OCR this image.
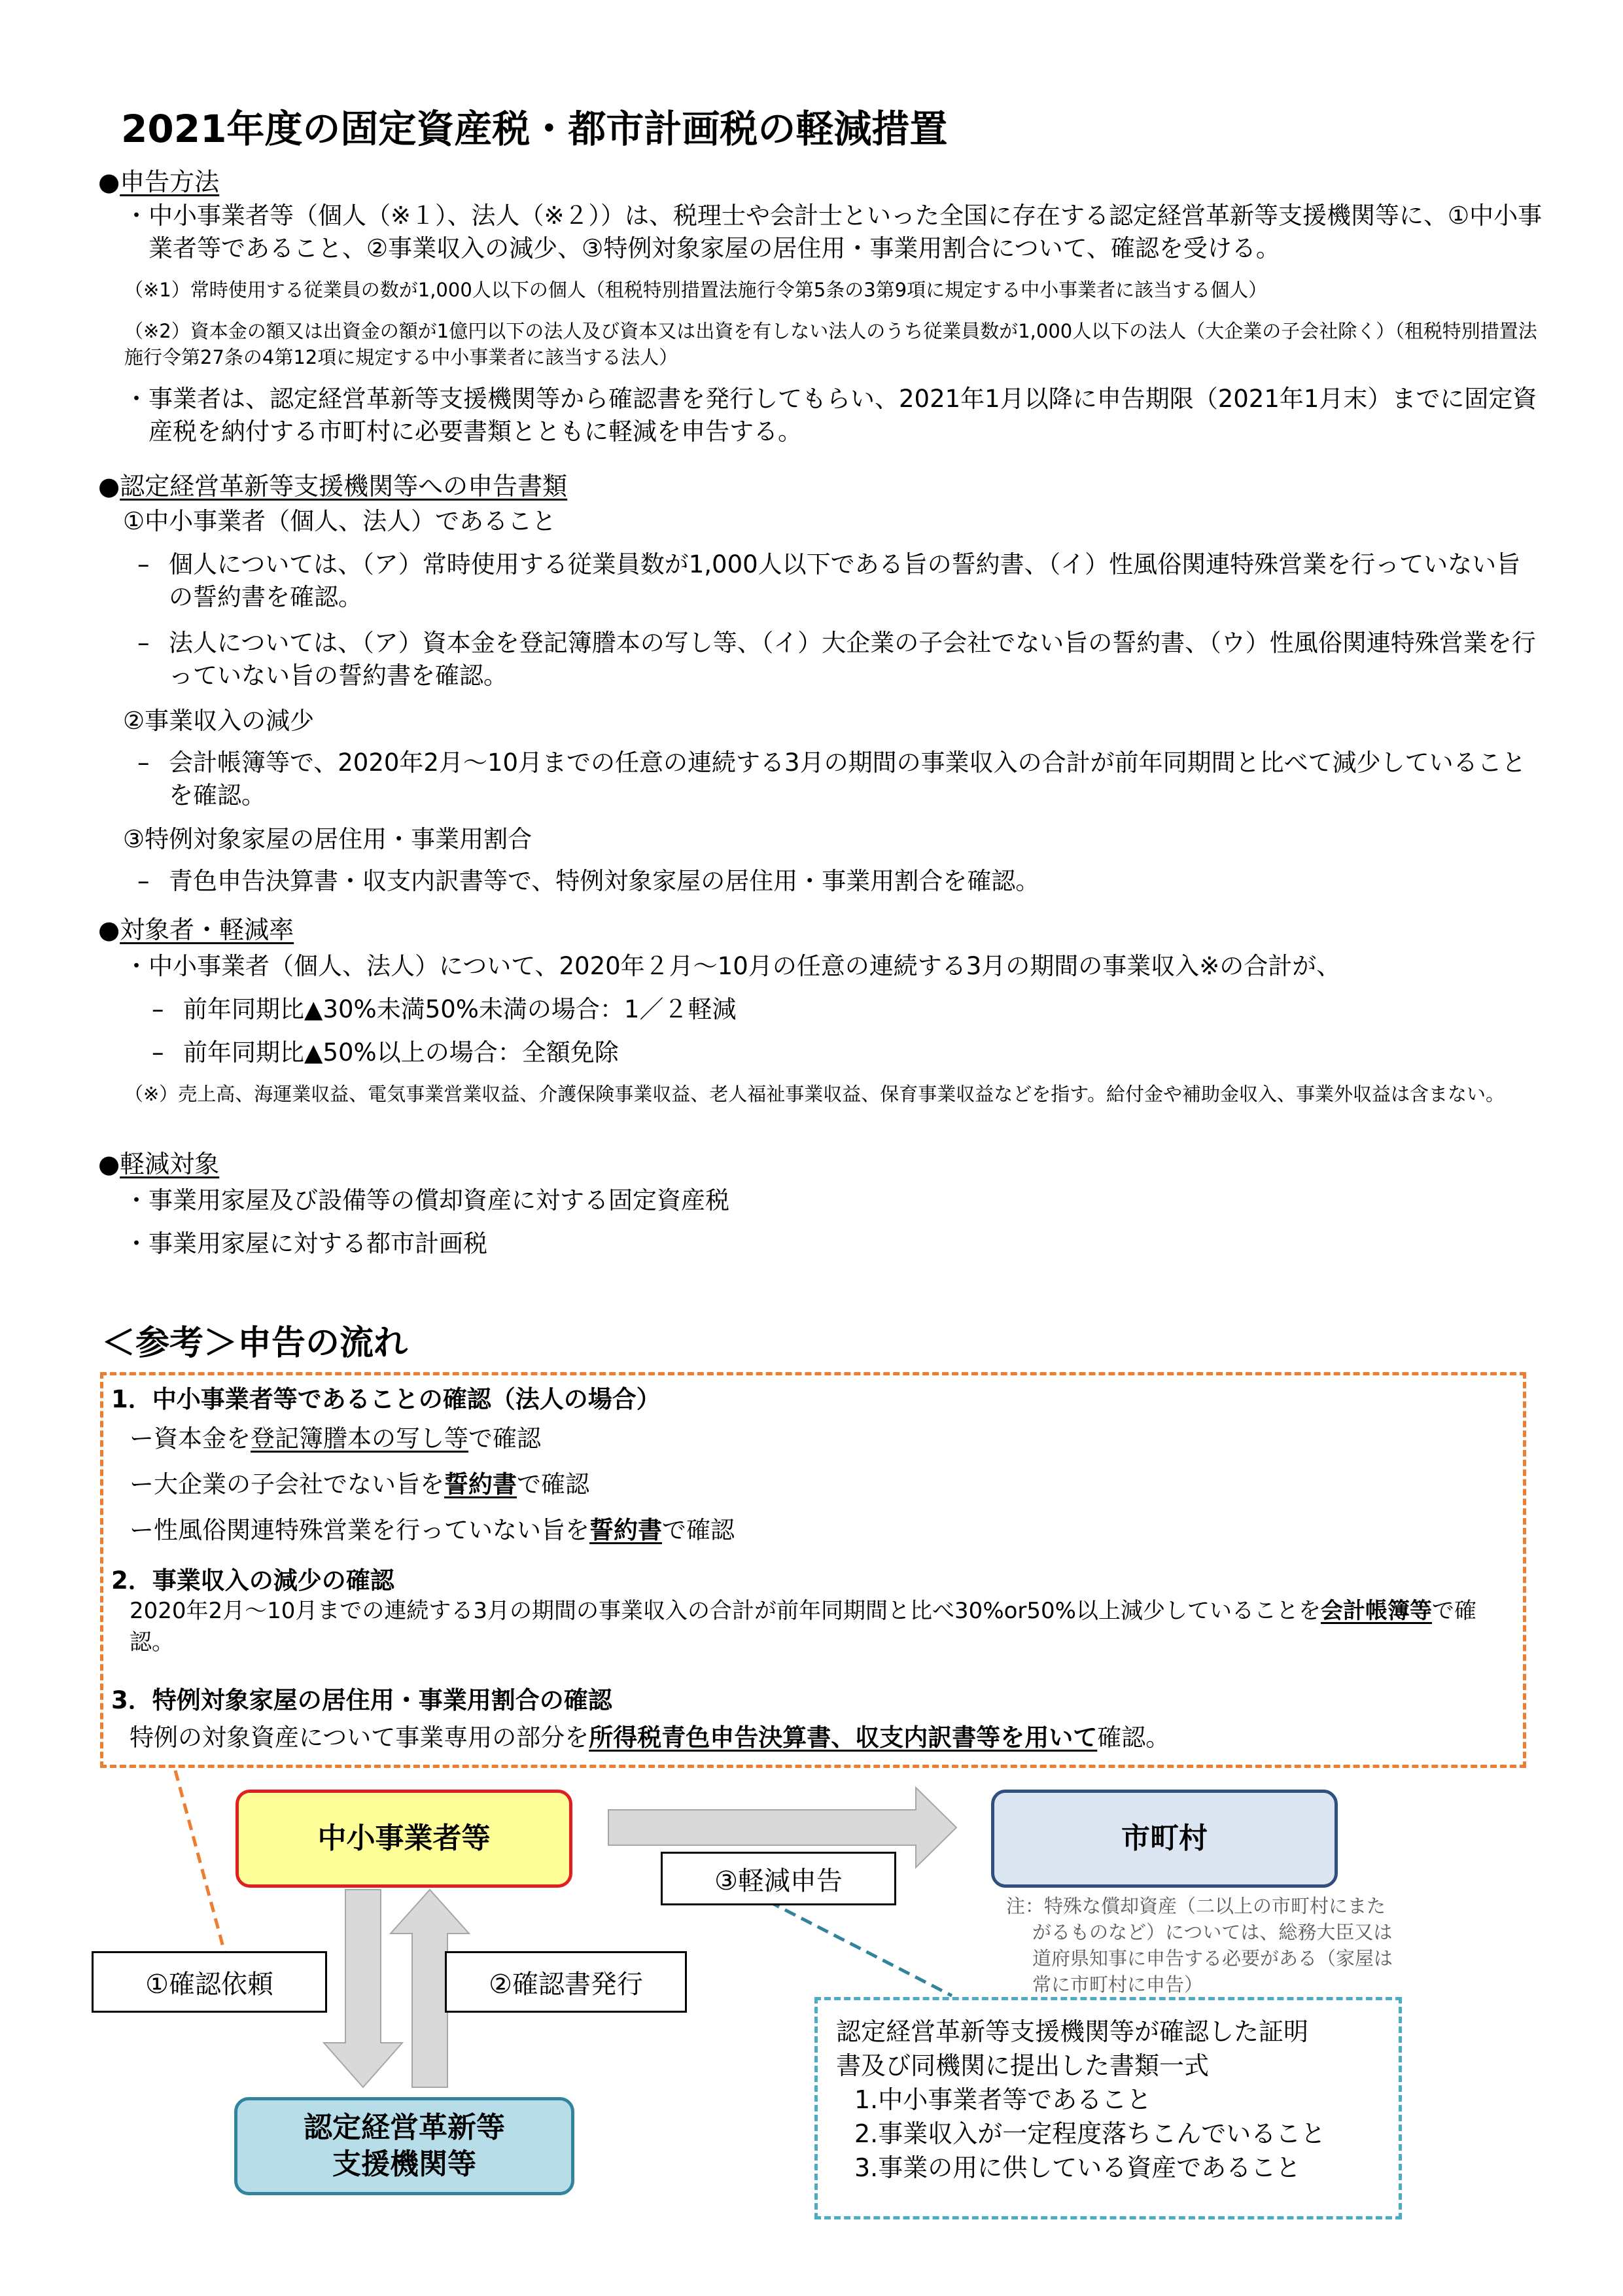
2021年度の固定資産税・都市計画税の軽減措置
●申告方法
・ 中小事業者等（個人（※１）、法人（※２））は、税理士や会計士といった全国に存在する認定経営革新等支援機関等に、①中小事業者等であること、②事業収入の減少、③特例対象家屋の居住用・事業用割合について、確認を受ける。
（※1）常時使用する従業員の数が1,000人以下の個人（租税特別措置法施行令第5条の3第9項に規定する中小事業者に該当する個人）
（※2）資本金の額又は出資金の額が1億円以下の法人及び資本又は出資を有しない法人のうち従業員数が1,000人以下の法人（大企業の子会社除く）（租税特別措置法施行令第27条の4第12項に規定する中小事業者に該当する法人）
・ 事業者は、認定経営革新等支援機関等から確認書を発行してもらい、2021年1月以降に申告期限（2021年1月末）までに固定資産税を納付する市町村に必要書類とともに軽減を申告する。
●認定経営革新等支援機関等への申告書類
①中小事業者（個人、法人）であること
– 個人については、（ア）常時使用する従業員数が1,000人以下である旨の誓約書、（イ）性風俗関連特殊営業を行っていない旨の誓約書を確認。
– 法人については、（ア）資本金を登記簿謄本の写し等、（イ）大企業の子会社でない旨の誓約書、（ウ）性風俗関連特殊営業を行っていない旨の誓約書を確認。
②事業収入の減少
– 会計帳簿等で、2020年2月～10月までの任意の連続する3月の期間の事業収入の合計が前年同期間と比べて減少していることを確認。
③特例対象家屋の居住用・事業用割合
– 青色申告決算書・収支内訳書等で、特例対象家屋の居住用・事業用割合を確認。
●対象者・軽減率
・ 中小事業者（個人、法人）について、2020年２月～10月の任意の連続する3月の期間の事業収入※の合計が、
– 前年同期比▲30%未満50%未満の場合：1／２軽減
– 前年同期比▲50%以上の場合：全額免除
（※）売上高、海運業収益、電気事業営業収益、介護保険事業収益、老人福祉事業収益、保育事業収益などを指す。給付金や補助金収入、事業外収益は含まない。
●軽減対象
・ 事業用家屋及び設備等の償却資産に対する固定資産税
・ 事業用家屋に対する都市計画税
＜参考＞申告の流れ
1．中小事業者等であることの確認（法人の場合）
ー資本金を登記簿謄本の写し等で確認
ー大企業の子会社でない旨を誓約書で確認
ー性風俗関連特殊営業を行っていない旨を誓約書で確認
2．事業収入の減少の確認
2020年2月～10月までの連続する3月の期間の事業収入の合計が前年同期間と比べ30%or50%以上減少していることを会計帳簿等で確認。
3．特例対象家屋の居住用・事業用割合の確認
特例の対象資産について事業専用の部分を所得税青色申告決算書、収支内訳書等を用いて確認。
中小事業者等	市町村
認定経営革新等
支援機関等
①確認依頼	②確認書発行
③軽減申告
注：特殊な償却資産（二以上の市町村にまた
がるものなど）については、総務大臣又は
道府県知事に申告する必要がある（家屋は
常に市町村に申告）
認定経営革新等支援機関等が確認した証明
書及び同機関に提出した書類一式
1.中小事業者等であること
2.事業収入が一定程度落ちこんでいること
3.事業の用に供している資産であること
